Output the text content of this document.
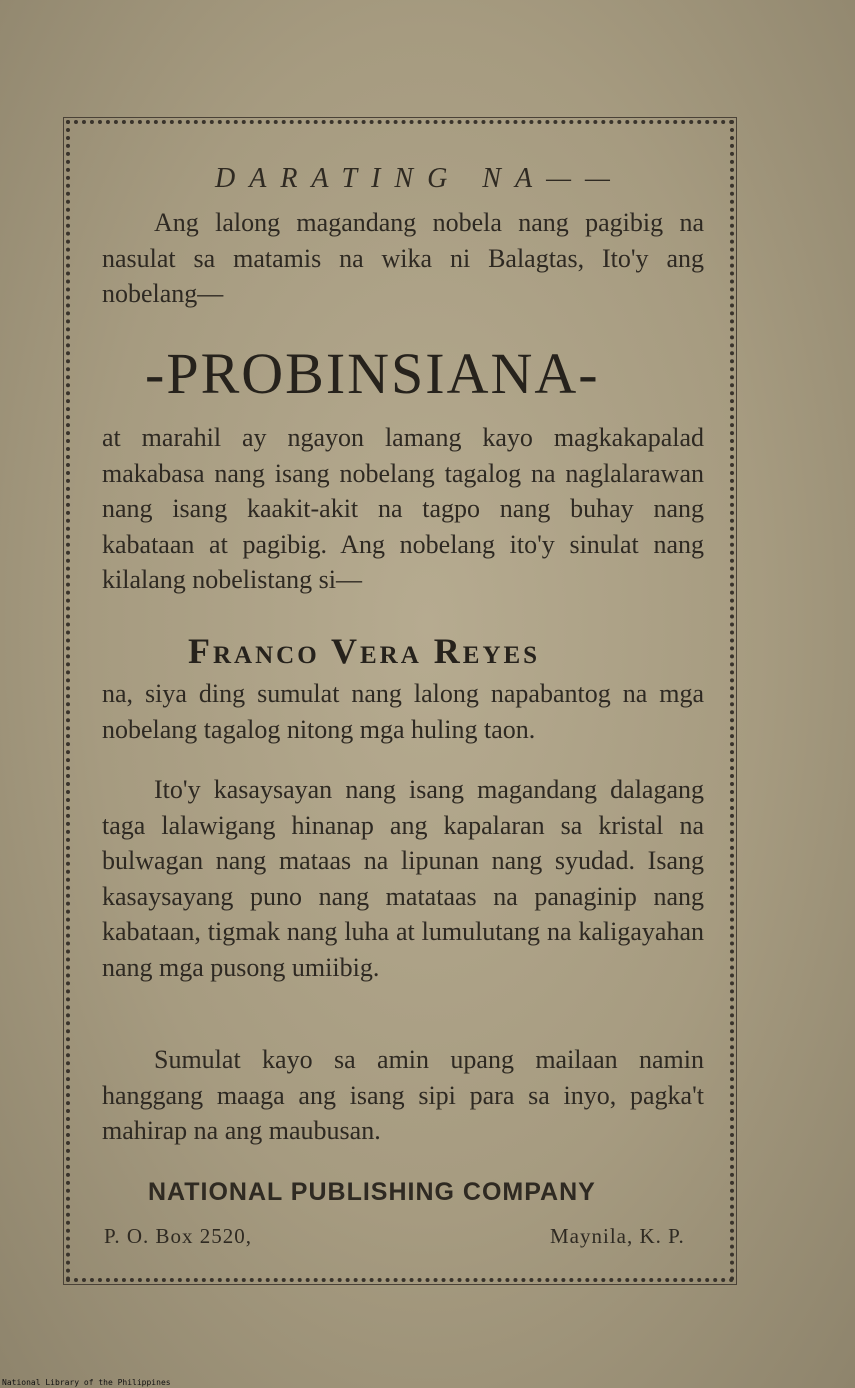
DARATING NA——

Ang lalong magandang nobela nang pagibig na nasulat sa matamis na wika ni Balagtas, Ito'y ang nobelang—

-PROBINSIANA-

at marahil ay ngayon lamang kayo magkakapalad makabasa nang isang nobelang tagalog na naglalarawan nang isang kaakit-akit na tagpo nang buhay nang kabataan at pagibig. Ang nobelang ito'y sinulat nang kilalang nobelistang si—

Franco Vera Reyes

na, siya ding sumulat nang lalong napabantog na mga nobelang tagalog nitong mga huling taon.

Ito'y kasaysayan nang isang magandang dalagang taga lalawigang hinanap ang kapalaran sa kristal na bulwagan nang mataas na lipunan nang syudad. Isang kasaysayang puno nang matataas na panaginip nang kabataan, tigmak nang luha at lumulutang na kaligayahan nang mga pusong umiibig.

Sumulat kayo sa amin upang mailaan namin hanggang maaga ang isang sipi para sa inyo, pagka't mahirap na ang maubusan.

NATIONAL PUBLISHING COMPANY
P. O. Box 2520,	Maynila, K. P.
National Library of the Philippines
